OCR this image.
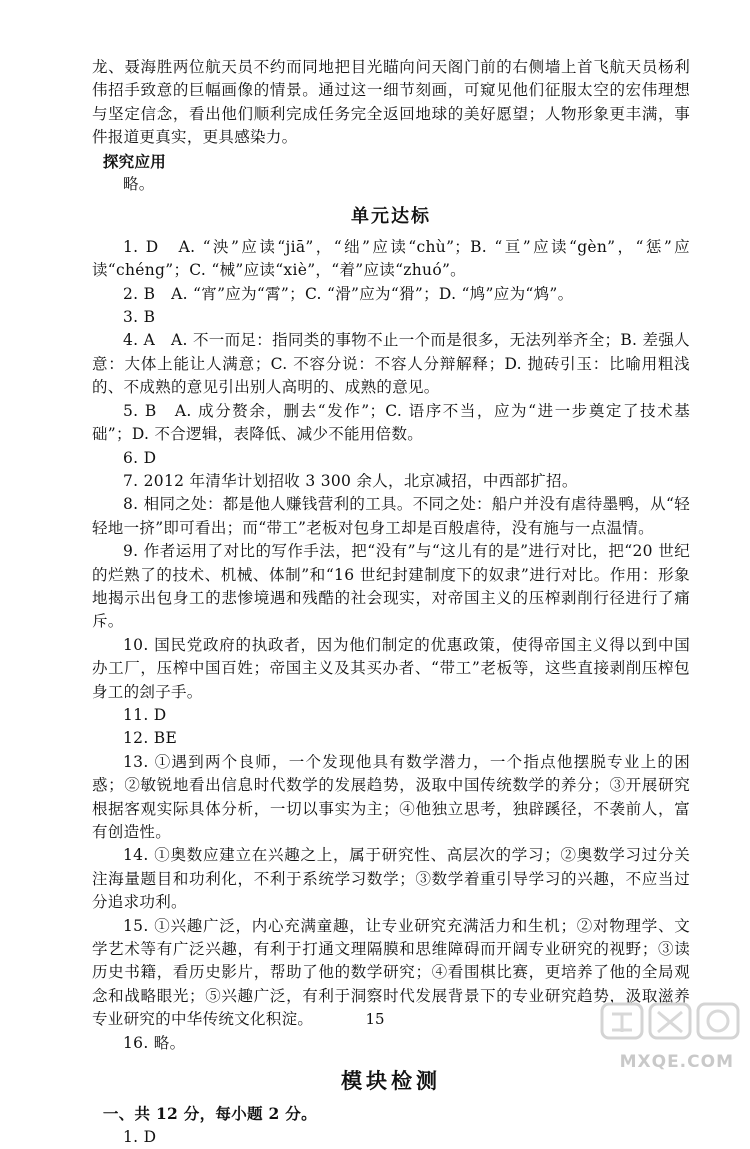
龙、聂海胜两位航天员不约而同地把目光瞄向问天阁门前的右侧墙上首飞航天员杨利伟招手致意的巨幅画像的情景。通过这一细节刻画，可窥见他们征服太空的宏伟理想与坚定信念，看出他们顺利完成任务完全返回地球的美好愿望；人物形象更丰满，事件报道更真实，更具感染力。

探究应用

略。

单元达标

1. D　A. “泱”应读“jiā”，“绌”应读“chù”；B. “亘”应读“gèn”，“惩”应读“chéng”；C. “械”应读“xiè”，“着”应读“zhuó”。

2. B　A. “宵”应为“霄”；C. “滑”应为“猾”；D. “鸠”应为“鸩”。

3. B

4. A　A. 不一而足：指同类的事物不止一个而是很多，无法列举齐全；B. 差强人意：大体上能让人满意；C. 不容分说：不容人分辩解释；D. 抛砖引玉：比喻用粗浅的、不成熟的意见引出别人高明的、成熟的意见。

5. B　A. 成分赘余，删去“发作”；C. 语序不当，应为“进一步奠定了技术基础”；D. 不合逻辑，表降低、减少不能用倍数。

6. D

7. 2012 年清华计划招收 3 300 余人，北京减招，中西部扩招。

8. 相同之处：都是他人赚钱营利的工具。不同之处：船户并没有虐待墨鸭，从“轻轻地一挤”即可看出；而“带工”老板对包身工却是百般虐待，没有施与一点温情。

9. 作者运用了对比的写作手法，把“没有”与“这儿有的是”进行对比，把“20 世纪的烂熟了的技术、机械、体制”和“16 世纪封建制度下的奴隶”进行对比。作用：形象地揭示出包身工的悲惨境遇和残酷的社会现实，对帝国主义的压榨剥削行径进行了痛斥。

10. 国民党政府的执政者，因为他们制定的优惠政策，使得帝国主义得以到中国办工厂，压榨中国百姓；帝国主义及其买办者、“带工”老板等，这些直接剥削压榨包身工的刽子手。

11. D

12. BE

13. ①遇到两个良师，一个发现他具有数学潜力，一个指点他摆脱专业上的困惑；②敏锐地看出信息时代数学的发展趋势，汲取中国传统数学的养分；③开展研究根据客观实际具体分析，一切以事实为主；④他独立思考，独辟蹊径，不袭前人，富有创造性。

14. ①奥数应建立在兴趣之上，属于研究性、高层次的学习；②奥数学习过分关注海量题目和功利化，不利于系统学习数学；③数学着重引导学习的兴趣，不应当过分追求功利。

15. ①兴趣广泛，内心充满童趣，让专业研究充满活力和生机；②对物理学、文学艺术等有广泛兴趣，有利于打通文理隔膜和思维障碍而开阔专业研究的视野；③读历史书籍，看历史影片，帮助了他的数学研究；④看围棋比赛，更培养了他的全局观念和战略眼光；⑤兴趣广泛，有利于洞察时代发展背景下的专业研究趋势，汲取滋养专业研究的中华传统文化积淀。

16. 略。

模块检测

一、共 12 分，每小题 2 分。

1. D

15
MXQE.COM
